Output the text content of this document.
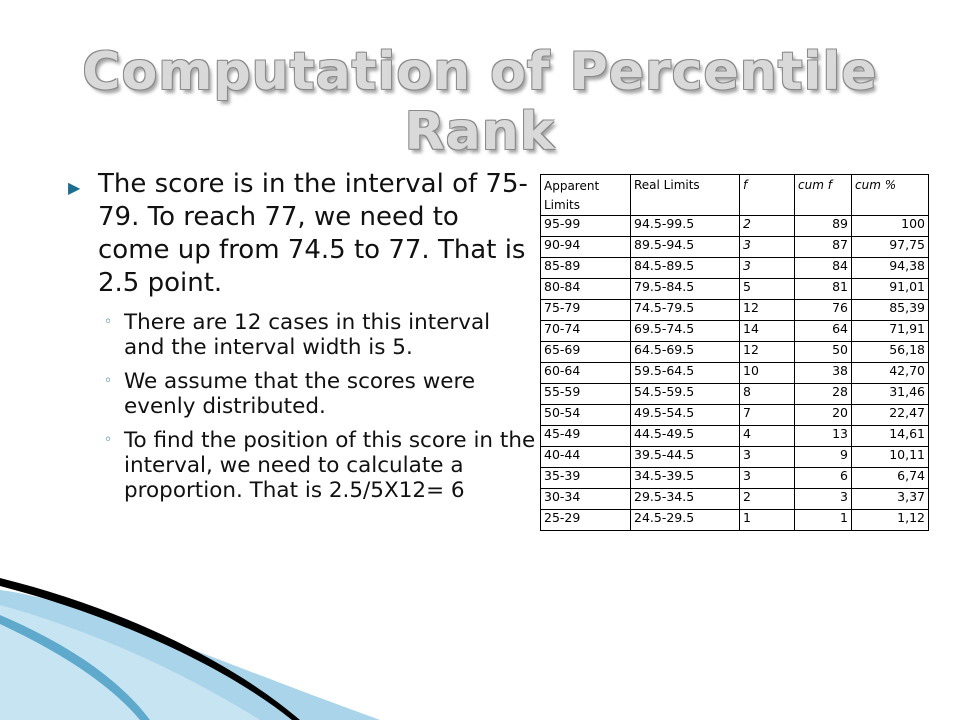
Computation of Percentile Rank
▶ The score is in the interval of 75-79. To reach 77, we need to come up from 74.5 to 77. That is 2.5 point.
◦ There are 12 cases in this interval and the interval width is 5.
◦ We assume that the scores were evenly distributed.
◦ To find the position of this score in the interval, we need to calculate a proportion. That is 2.5/5X12= 6
Apparent Limits	Real Limits	f	cum f	cum %
95-99	94.5-99.5	2	89	100
90-94	89.5-94.5	3	87	97,75
85-89	84.5-89.5	3	84	94,38
80-84	79.5-84.5	5	81	91,01
75-79	74.5-79.5	12	76	85,39
70-74	69.5-74.5	14	64	71,91
65-69	64.5-69.5	12	50	56,18
60-64	59.5-64.5	10	38	42,70
55-59	54.5-59.5	8	28	31,46
50-54	49.5-54.5	7	20	22,47
45-49	44.5-49.5	4	13	14,61
40-44	39.5-44.5	3	9	10,11
35-39	34.5-39.5	3	6	6,74
30-34	29.5-34.5	2	3	3,37
25-29	24.5-29.5	1	1	1,12
